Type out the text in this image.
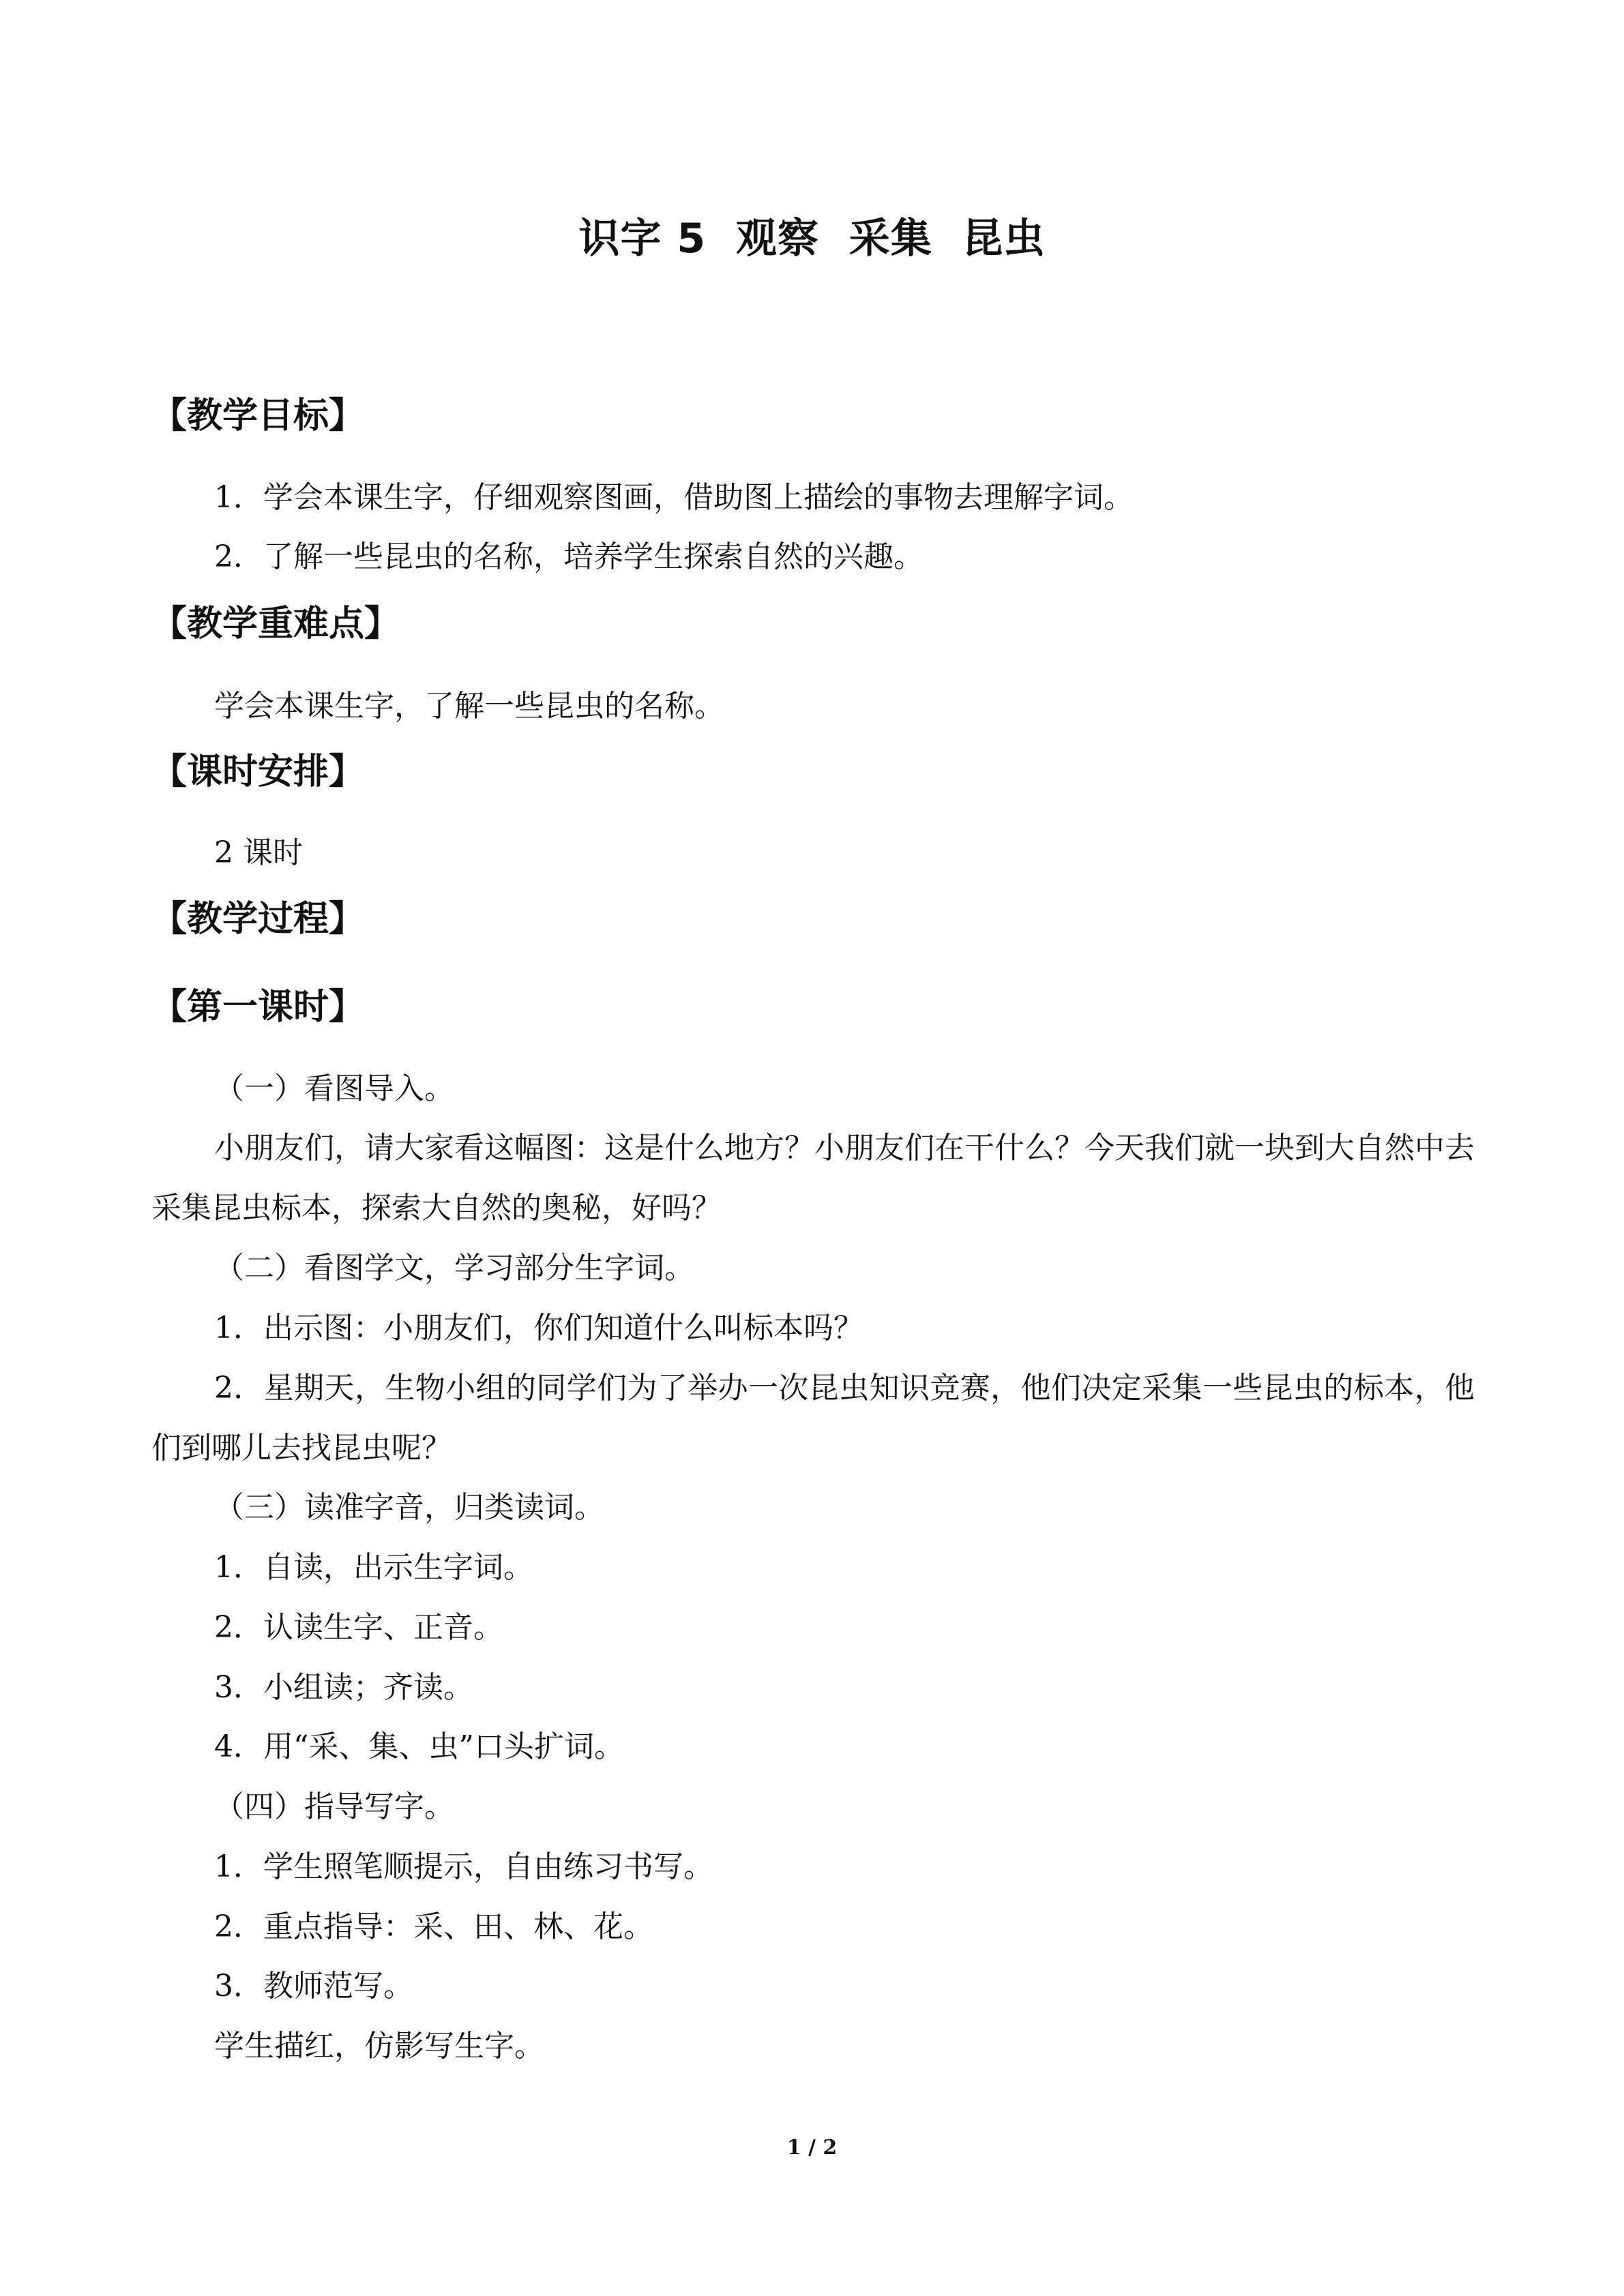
识字 5  观察  采集  昆虫
【教学目标】

1．学会本课生字，仔细观察图画，借助图上描绘的事物去理解字词。

2．了解一些昆虫的名称，培养学生探索自然的兴趣。

【教学重难点】

学会本课生字，了解一些昆虫的名称。

【课时安排】

2 课时

【教学过程】
【第一课时】

（一）看图导入。

小朋友们，请大家看这幅图：这是什么地方？小朋友们在干什么？今天我们就一块到大自然中去采集昆虫标本，探索大自然的奥秘，好吗？

（二）看图学文，学习部分生字词。

1．出示图：小朋友们，你们知道什么叫标本吗？

2．星期天，生物小组的同学们为了举办一次昆虫知识竞赛，他们决定采集一些昆虫的标本，他们到哪儿去找昆虫呢？

（三）读准字音，归类读词。

1．自读，出示生字词。

2．认读生字、正音。

3．小组读；齐读。

4．用“采、集、虫”口头扩词。

（四）指导写字。

1．学生照笔顺提示，自由练习书写。

2．重点指导：采、田、林、花。

3．教师范写。

学生描红，仿影写生字。

1 / 2
